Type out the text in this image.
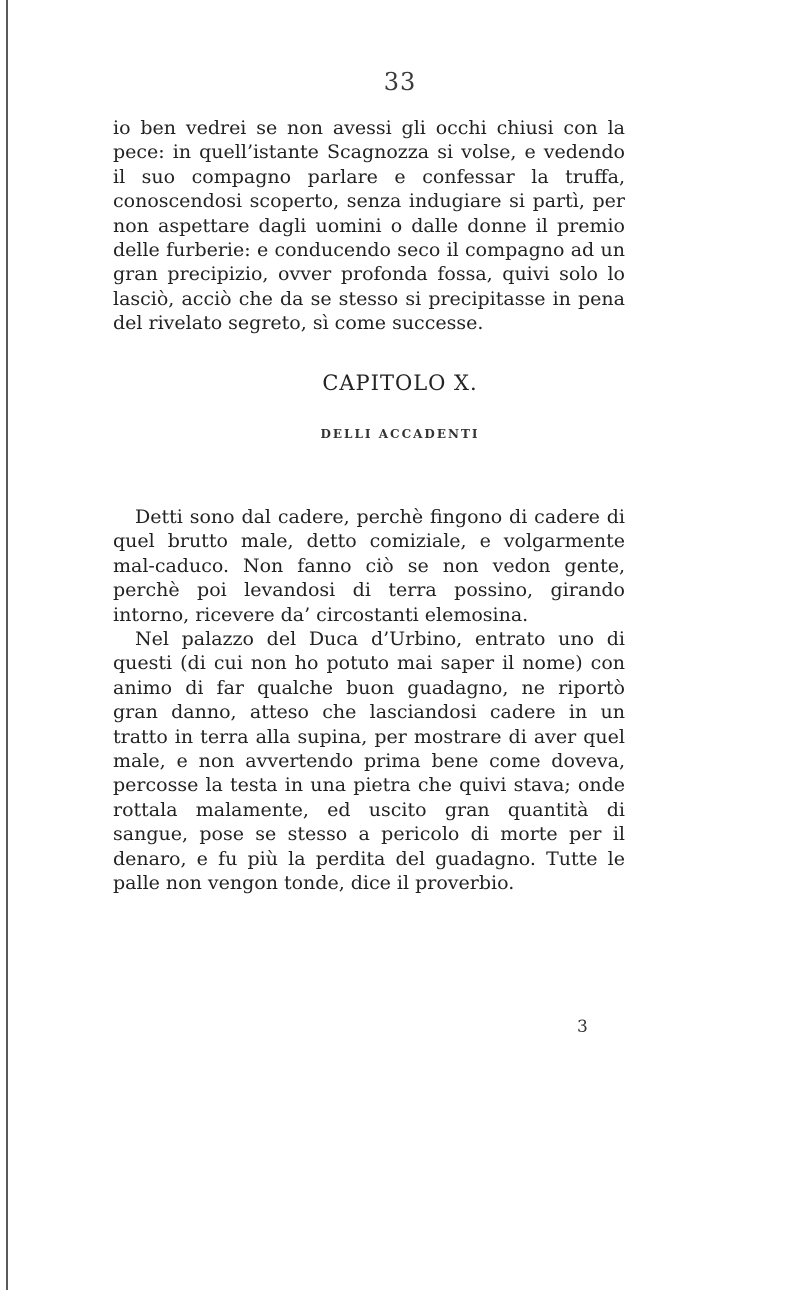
33

io ben vedrei se non avessi gli occhi chiusi con la pece: in quell’istante Scagnozza si volse, e vedendo il suo compagno parlare e confessar la truffa, conoscendosi scoperto, senza indugiare si partì, per non aspettare dagli uomini o dalle donne il premio delle furberie: e conducendo seco il compagno ad un gran precipizio, ovver profonda fossa, quivi solo lo lasciò, acciò che da se stesso si precipitasse in pena del rivelato segreto, sì come successe.

CAPITOLO X.
DELLI ACCADENTI

Detti sono dal cadere, perchè fingono di cadere di quel brutto male, detto comiziale, e volgarmente mal-caduco. Non fanno ciò se non vedon gente, perchè poi levandosi di terra possino, girando intorno, ricevere da’ circostanti elemosina.

Nel palazzo del Duca d’Urbino, entrato uno di questi (di cui non ho potuto mai saper il nome) con animo di far qualche buon guadagno, ne riportò gran danno, atteso che lasciandosi cadere in un tratto in terra alla supina, per mostrare di aver quel male, e non avvertendo prima bene come doveva, percosse la testa in una pietra che quivi stava; onde rottala malamente, ed uscito gran quantità di sangue, pose se stesso a pericolo di morte per il denaro, e fu più la perdita del guadagno. Tutte le palle non vengon tonde, dice il proverbio.

3
